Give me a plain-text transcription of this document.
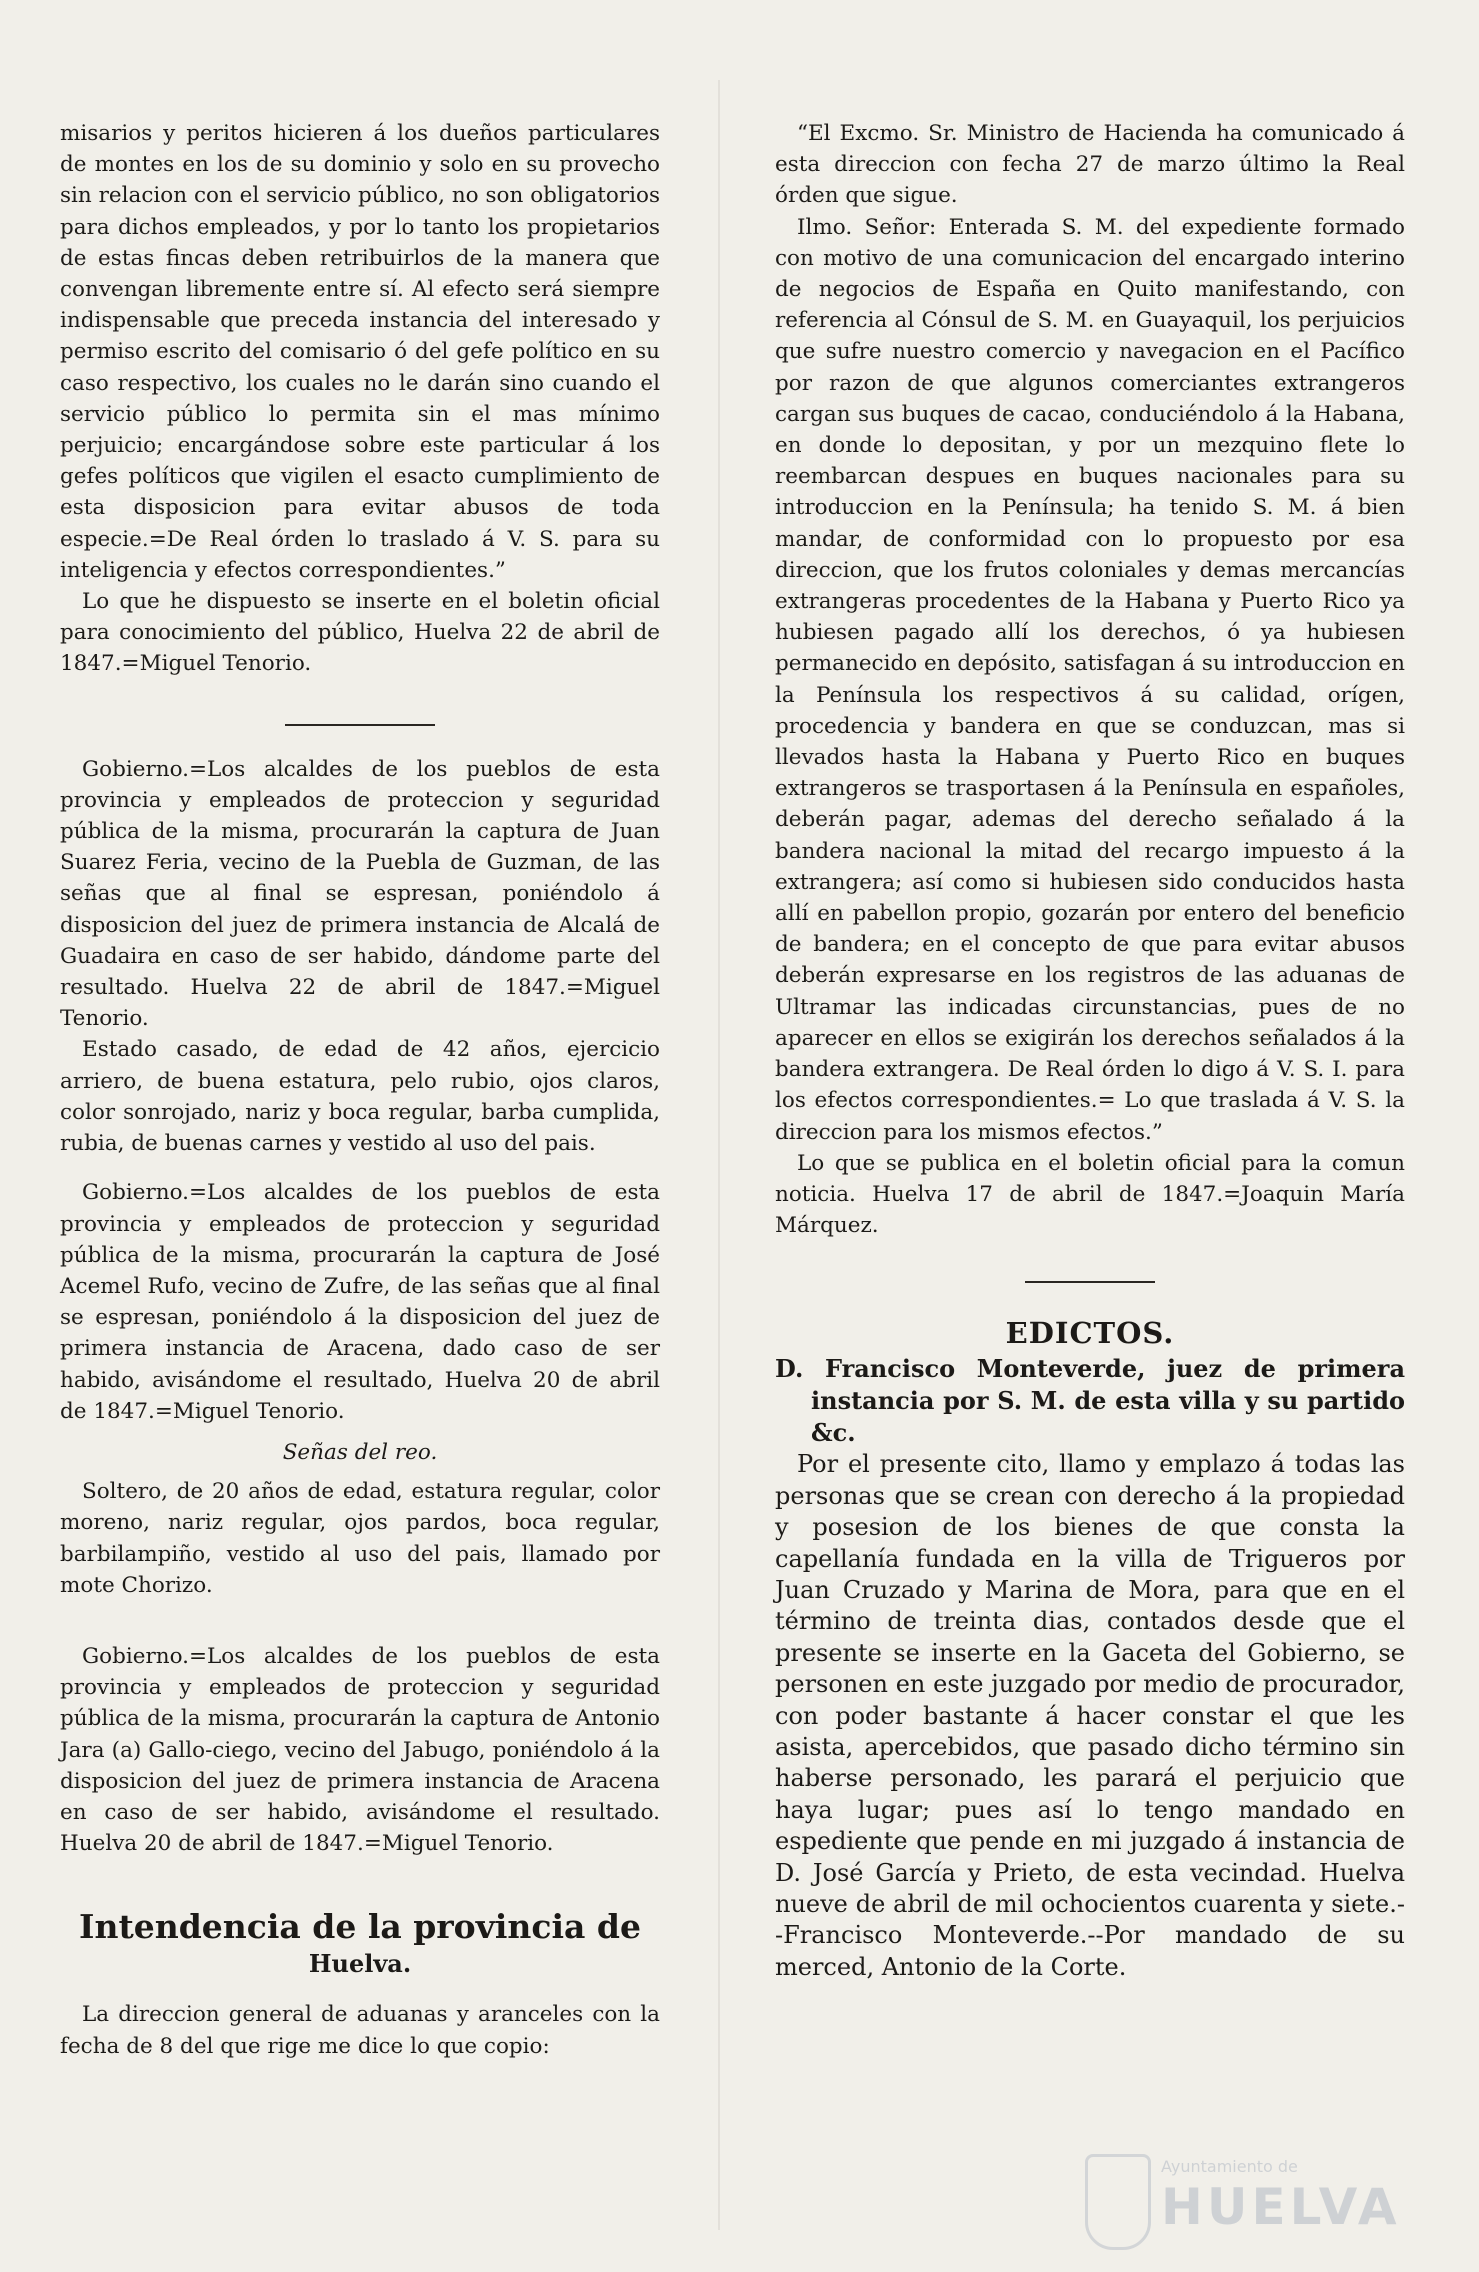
misarios y peritos hicieren á los dueños particulares de montes en los de su dominio y solo en su provecho sin relacion con el servicio público, no son obligatorios para dichos empleados, y por lo tanto los propietarios de estas fincas deben retribuirlos de la manera que convengan libremente entre sí. Al efecto será siempre indispensable que preceda instancia del interesado y permiso escrito del comisario ó del gefe político en su caso respectivo, los cuales no le darán sino cuando el servicio público lo permita sin el mas mínimo perjuicio; encargándose sobre este particular á los gefes políticos que vigilen el esacto cumplimiento de esta disposicion para evitar abusos de toda especie.=De Real órden lo traslado á V. S. para su inteligencia y efectos correspondientes.”

Lo que he dispuesto se inserte en el boletin oficial para conocimiento del público, Huelva 22 de abril de 1847.=Miguel Tenorio.

Gobierno.=Los alcaldes de los pueblos de esta provincia y empleados de proteccion y seguridad pública de la misma, procurarán la captura de Juan Suarez Feria, vecino de la Puebla de Guzman, de las señas que al final se espresan, poniéndolo á disposicion del juez de primera instancia de Alcalá de Guadaira en caso de ser habido, dándome parte del resultado. Huelva 22 de abril de 1847.=Miguel Tenorio.

Estado casado, de edad de 42 años, ejercicio arriero, de buena estatura, pelo rubio, ojos claros, color sonrojado, nariz y boca regular, barba cumplida, rubia, de buenas carnes y vestido al uso del pais.

Gobierno.=Los alcaldes de los pueblos de esta provincia y empleados de proteccion y seguridad pública de la misma, procurarán la captura de José Acemel Rufo, vecino de Zufre, de las señas que al final se espresan, poniéndolo á la disposicion del juez de primera instancia de Aracena, dado caso de ser habido, avisándome el resultado, Huelva 20 de abril de 1847.=Miguel Tenorio.

Señas del reo.

Soltero, de 20 años de edad, estatura regular, color moreno, nariz regular, ojos pardos, boca regular, barbilampiño, vestido al uso del pais, llamado por mote Chorizo.

Gobierno.=Los alcaldes de los pueblos de esta provincia y empleados de proteccion y seguridad pública de la misma, procurarán la captura de Antonio Jara (a) Gallo-ciego, vecino del Jabugo, poniéndolo á la disposicion del juez de primera instancia de Aracena en caso de ser habido, avisándome el resultado. Huelva 20 de abril de 1847.=Miguel Tenorio.

Intendencia de la provincia de
Huelva.

La direccion general de aduanas y aranceles con la fecha de 8 del que rige me dice lo que copio:

“El Excmo. Sr. Ministro de Hacienda ha comunicado á esta direccion con fecha 27 de marzo último la Real órden que sigue.

Ilmo. Señor: Enterada S. M. del expediente formado con motivo de una comunicacion del encargado interino de negocios de España en Quito manifestando, con referencia al Cónsul de S. M. en Guayaquil, los perjuicios que sufre nuestro comercio y navegacion en el Pacífico por razon de que algunos comerciantes extrangeros cargan sus buques de cacao, conduciéndolo á la Habana, en donde lo depositan, y por un mezquino flete lo reembarcan despues en buques nacionales para su introduccion en la Península; ha tenido S. M. á bien mandar, de conformidad con lo propuesto por esa direccion, que los frutos coloniales y demas mercancías extrangeras procedentes de la Habana y Puerto Rico ya hubiesen pagado allí los derechos, ó ya hubiesen permanecido en depósito, satisfagan á su introduccion en la Península los respectivos á su calidad, orígen, procedencia y bandera en que se conduzcan, mas si llevados hasta la Habana y Puerto Rico en buques extrangeros se trasportasen á la Península en españoles, deberán pagar, ademas del derecho señalado á la bandera nacional la mitad del recargo impuesto á la extrangera; así como si hubiesen sido conducidos hasta allí en pabellon propio, gozarán por entero del beneficio de bandera; en el concepto de que para evitar abusos deberán expresarse en los registros de las aduanas de Ultramar las indicadas circunstancias, pues de no aparecer en ellos se exigirán los derechos señalados á la bandera extrangera. De Real órden lo digo á V. S. I. para los efectos correspondientes.= Lo que traslada á V. S. la direccion para los mismos efectos.”

Lo que se publica en el boletin oficial para la comun noticia. Huelva 17 de abril de 1847.=Joaquin María Márquez.

EDICTOS.

D. Francisco Monteverde, juez de primera instancia por S. M. de esta villa y su partido &c.

Por el presente cito, llamo y emplazo á todas las personas que se crean con derecho á la propiedad y posesion de los bienes de que consta la capellanía fundada en la villa de Trigueros por Juan Cruzado y Marina de Mora, para que en el término de treinta dias, contados desde que el presente se inserte en la Gaceta del Gobierno, se personen en este juzgado por medio de procurador, con poder bastante á hacer constar el que les asista, apercebidos, que pasado dicho término sin haberse personado, les parará el perjuicio que haya lugar; pues así lo tengo mandado en espediente que pende en mi juzgado á instancia de D. José García y Prieto, de esta vecindad. Huelva nueve de abril de mil ochocientos cuarenta y siete.--Francisco Monteverde.--Por mandado de su merced, Antonio de la Corte.

Ayuntamiento de
HUELVA
